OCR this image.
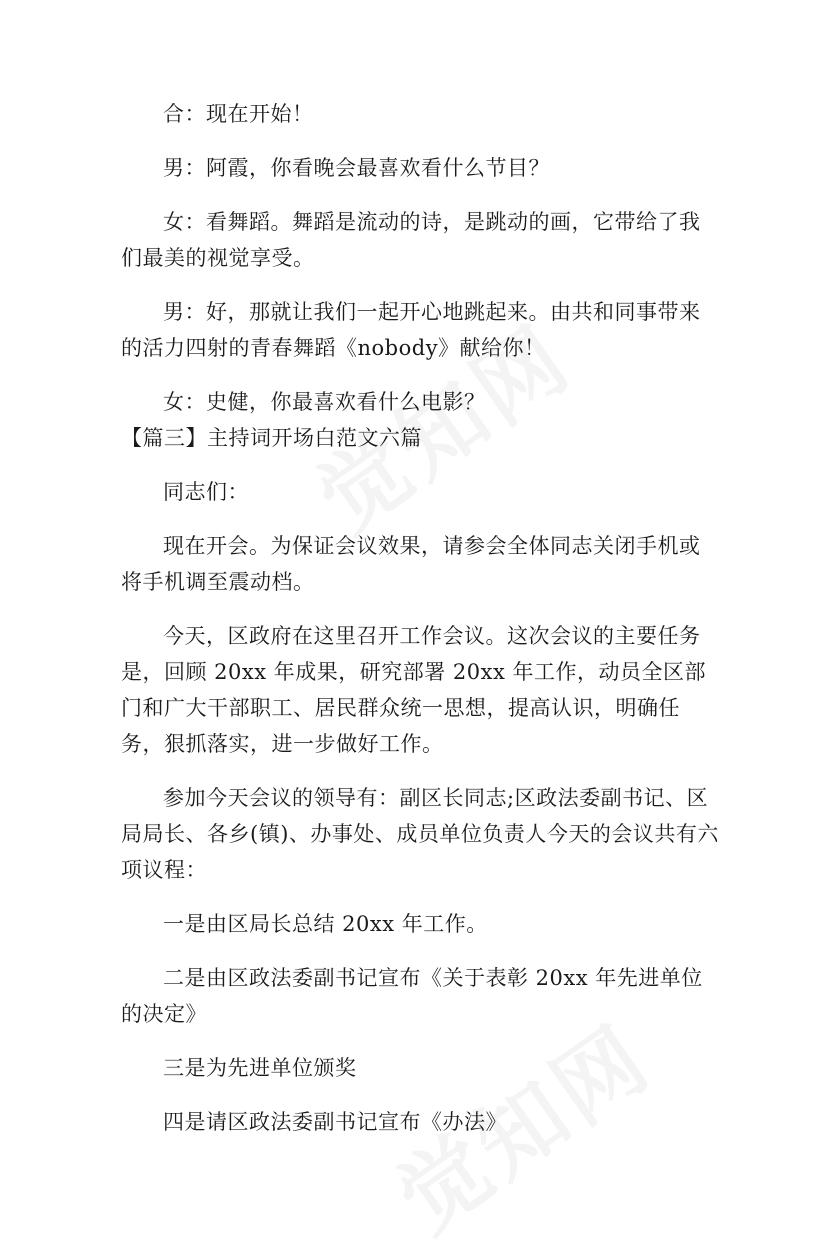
合：现在开始！

男：阿霞，你看晚会最喜欢看什么节目？

女：看舞蹈。舞蹈是流动的诗，是跳动的画，它带给了我们最美的视觉享受。

男：好，那就让我们一起开心地跳起来。由共和同事带来的活力四射的青春舞蹈《nobody》献给你！

女：史健，你最喜欢看什么电影？

【篇三】主持词开场白范文六篇

同志们：

现在开会。为保证会议效果，请参会全体同志关闭手机或将手机调至震动档。

今天，区政府在这里召开工作会议。这次会议的主要任务是，回顾 20xx 年成果，研究部署 20xx 年工作，动员全区部门和广大干部职工、居民群众统一思想，提高认识，明确任务，狠抓落实，进一步做好工作。

参加今天会议的领导有：副区长同志;区政法委副书记、区局局长、各乡(镇)、办事处、成员单位负责人今天的会议共有六项议程：

一是由区局长总结 20xx 年工作。

二是由区政法委副书记宣布《关于表彰 20xx 年先进单位的决定》

三是为先进单位颁奖

四是请区政法委副书记宣布《办法》
